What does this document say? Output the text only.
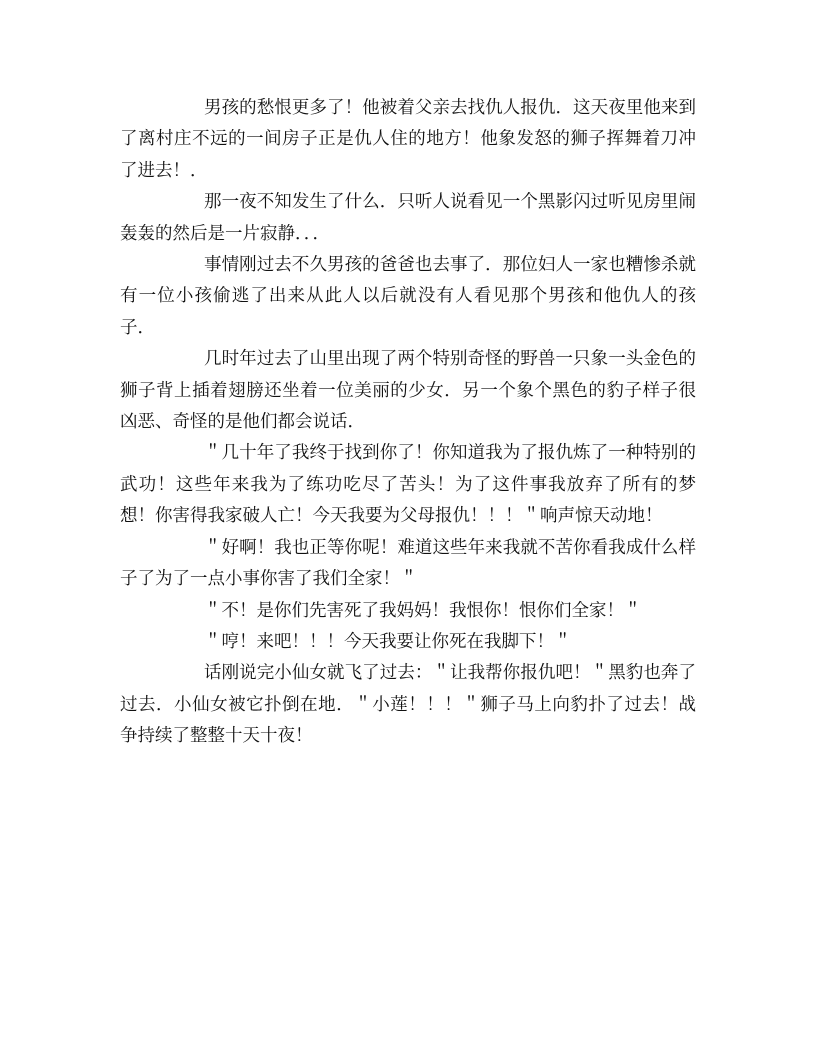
男孩的愁恨更多了！他被着父亲去找仇人报仇．这天夜里他来到了离村庄不远的一间房子正是仇人住的地方！他象发怒的狮子挥舞着刀冲了进去！．

那一夜不知发生了什么．只听人说看见一个黑影闪过听见房里闹轰轰的然后是一片寂静．．．

事情刚过去不久男孩的爸爸也去事了．那位妇人一家也糟惨杀就有一位小孩偷逃了出来从此人以后就没有人看见那个男孩和他仇人的孩子．

几时年过去了山里出现了两个特别奇怪的野兽一只象一头金色的狮子背上插着翅膀还坐着一位美丽的少女．另一个象个黑色的豹子样子很凶恶、奇怪的是他们都会说话．

＂几十年了我终于找到你了！你知道我为了报仇炼了一种特别的武功！这些年来我为了练功吃尽了苦头！为了这件事我放弃了所有的梦想！你害得我家破人亡！今天我要为父母报仇！！！＂响声惊天动地！

＂好啊！我也正等你呢！难道这些年来我就不苦你看我成什么样子了为了一点小事你害了我们全家！＂

＂不！是你们先害死了我妈妈！我恨你！恨你们全家！＂

＂哼！来吧！！！今天我要让你死在我脚下！＂

话刚说完小仙女就飞了过去：＂让我帮你报仇吧！＂黑豹也奔了过去．小仙女被它扑倒在地．＂小莲！！！＂狮子马上向豹扑了过去！战争持续了整整十天十夜！
